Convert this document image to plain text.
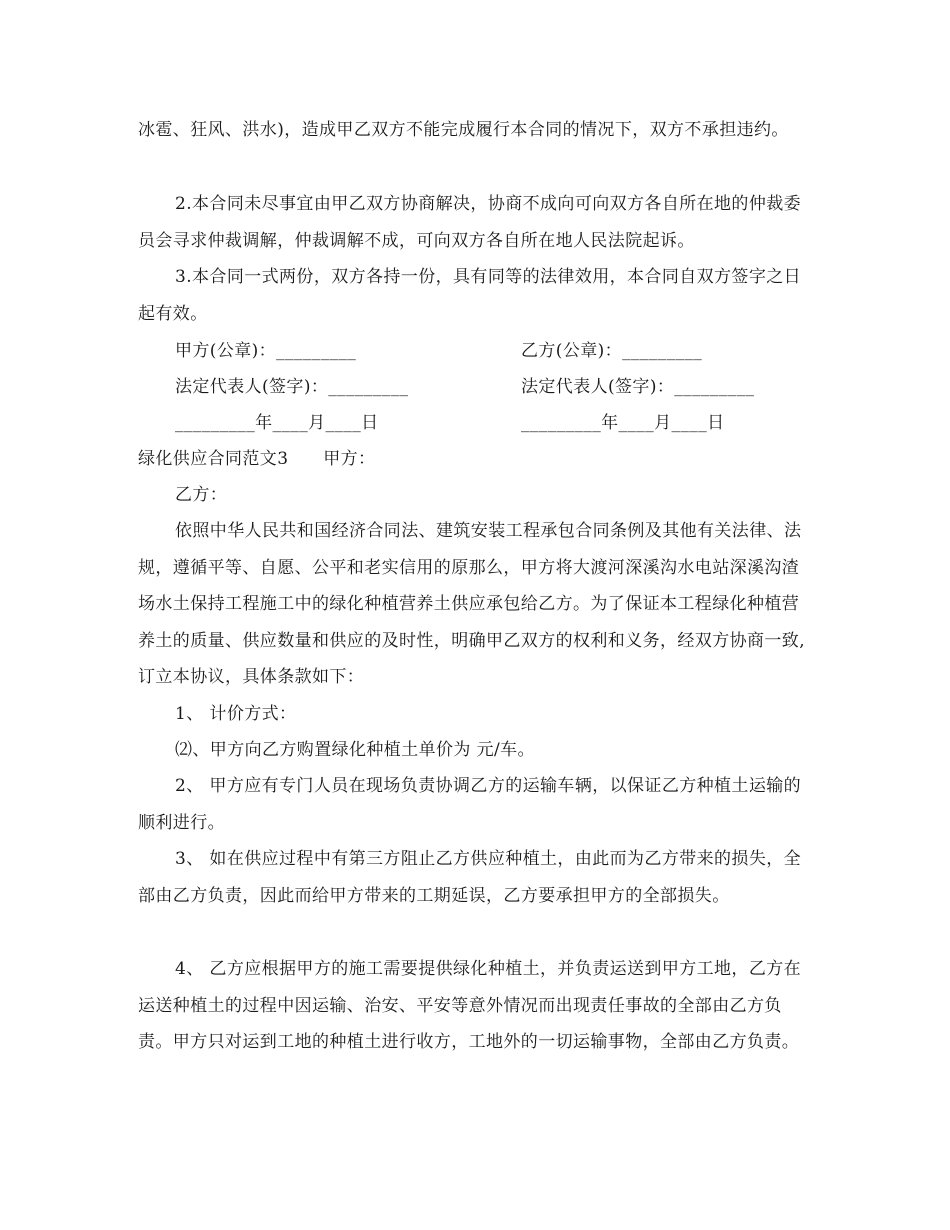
冰雹、狂风、洪水)，造成甲乙双方不能完成履行本合同的情况下，双方不承担违约。
2.本合同未尽事宜由甲乙双方协商解决，协商不成向可向双方各自所在地的仲裁委员会寻求仲裁调解，仲裁调解不成，可向双方各自所在地人民法院起诉。
3.本合同一式两份，双方各持一份，具有同等的法律效用，本合同自双方签字之日起有效。
甲方(公章)：_________	乙方(公章)：_________
法定代表人(签字)：_________	法定代表人(签字)：_________
_________年____月____日	_________年____月____日
绿化供应合同范文3　　甲方：
乙方：
依照中华人民共和国经济合同法、建筑安装工程承包合同条例及其他有关法律、法规，遵循平等、自愿、公平和老实信用的原那么，甲方将大渡河深溪沟水电站深溪沟渣场水土保持工程施工中的绿化种植营养土供应承包给乙方。为了保证本工程绿化种植营养土的质量、供应数量和供应的及时性，明确甲乙双方的权利和义务，经双方协商一致,订立本协议，具体条款如下：
1、 计价方式：
⑵、甲方向乙方购置绿化种植土单价为 元/车。
2、 甲方应有专门人员在现场负责协调乙方的运输车辆，以保证乙方种植土运输的顺利进行。
3、 如在供应过程中有第三方阻止乙方供应种植土，由此而为乙方带来的损失，全部由乙方负责，因此而给甲方带来的工期延误，乙方要承担甲方的全部损失。
4、 乙方应根据甲方的施工需要提供绿化种植土，并负责运送到甲方工地，乙方在运送种植土的过程中因运输、治安、平安等意外情况而出现责任事故的全部由乙方负责。甲方只对运到工地的种植土进行收方，工地外的一切运输事物，全部由乙方负责。
